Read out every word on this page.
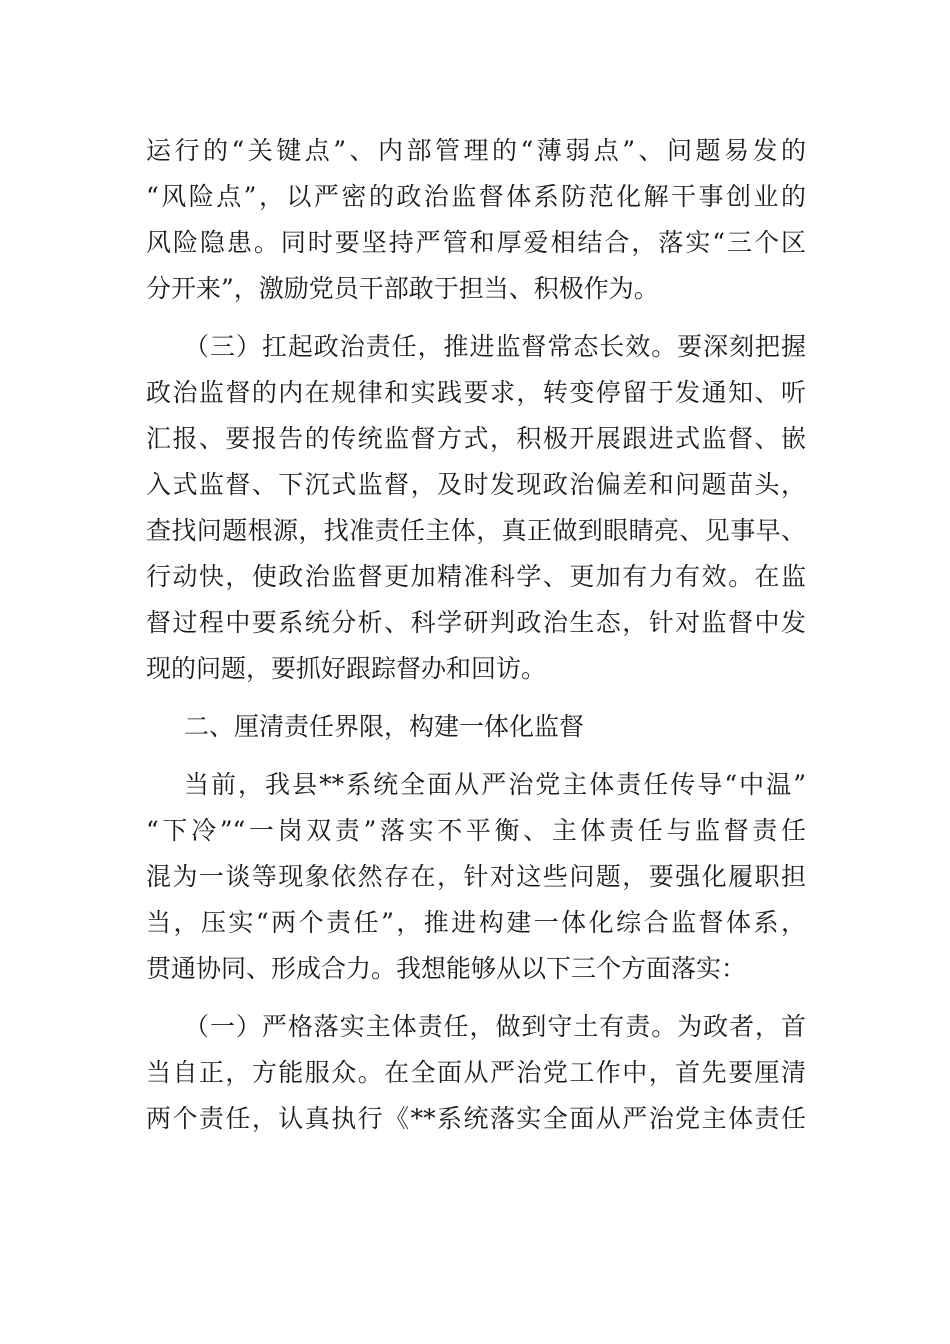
运行的“关键点”、内部管理的“薄弱点”、问题易发的
“风险点”，以严密的政治监督体系防范化解干事创业的
风险隐患。同时要坚持严管和厚爱相结合，落实“三个区
分开来”，激励党员干部敢于担当、积极作为。
（三）扛起政治责任，推进监督常态长效。要深刻把握
政治监督的内在规律和实践要求，转变停留于发通知、听
汇报、要报告的传统监督方式，积极开展跟进式监督、嵌
入式监督、下沉式监督，及时发现政治偏差和问题苗头，
查找问题根源，找准责任主体，真正做到眼睛亮、见事早、
行动快，使政治监督更加精准科学、更加有力有效。在监
督过程中要系统分析、科学研判政治生态，针对监督中发
现的问题，要抓好跟踪督办和回访。
二、厘清责任界限，构建一体化监督
当前，我县**系统全面从严治党主体责任传导“中温”
“下冷”“一岗双责”落实不平衡、主体责任与监督责任
混为一谈等现象依然存在，针对这些问题，要强化履职担
当，压实“两个责任”，推进构建一体化综合监督体系，
贯通协同、形成合力。我想能够从以下三个方面落实：
（一）严格落实主体责任，做到守土有责。为政者，首
当自正，方能服众。在全面从严治党工作中，首先要厘清
两个责任，认真执行《**系统落实全面从严治党主体责任
